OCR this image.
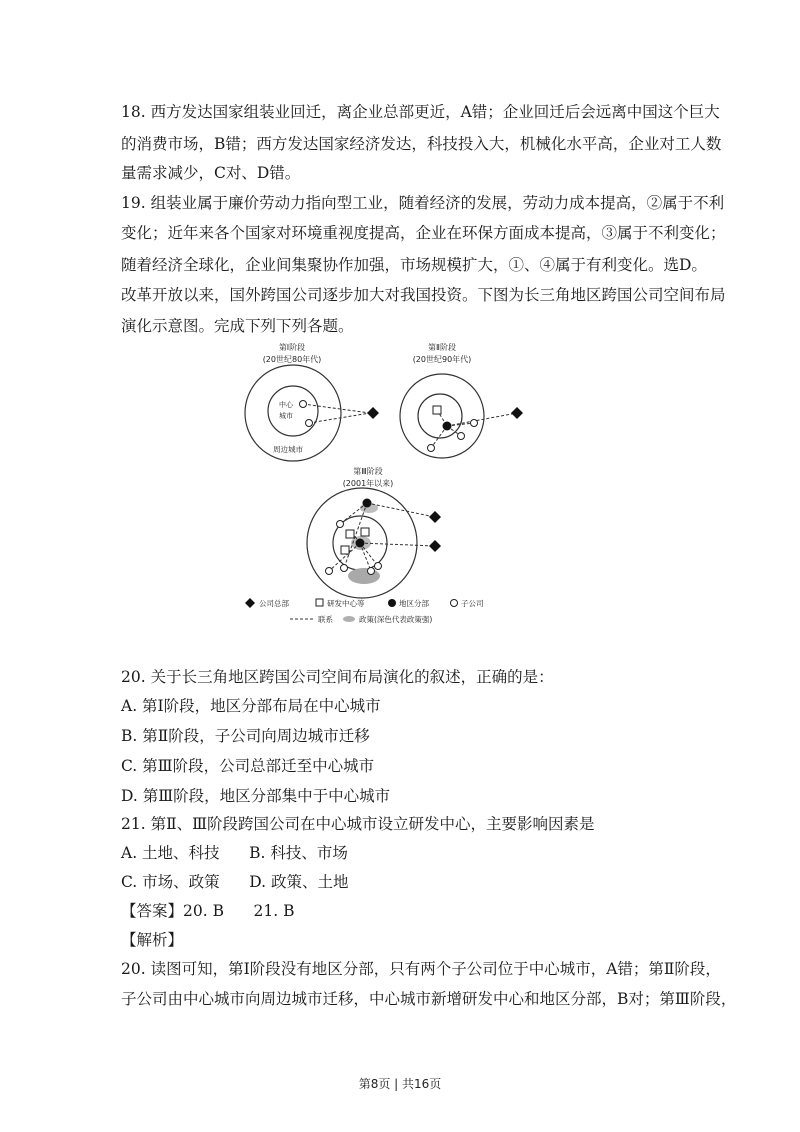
18. 西方发达国家组装业回迁，离企业总部更近，A错；企业回迁后会远离中国这个巨大
的消费市场，B错；西方发达国家经济发达，科技投入大，机械化水平高，企业对工人数
量需求减少，C对、D错。
19. 组装业属于廉价劳动力指向型工业，随着经济的发展，劳动力成本提高，②属于不利
变化；近年来各个国家对环境重视度提高，企业在环保方面成本提高，③属于不利变化；
随着经济全球化，企业间集聚协作加强，市场规模扩大，①、④属于有利变化。选D。
改革开放以来，国外跨国公司逐步加大对我国投资。下图为长三角地区跨国公司空间布局
演化示意图。完成下列下列各题。
第Ⅰ阶段
(20世纪80年代)
中心
城市
周边城市
第Ⅱ阶段
(20世纪90年代)
第Ⅲ阶段
(2001年以来)
公司总部	研发中心等	地区分部	子公司
联系	政策(深色代表政策强)
20. 关于长三角地区跨国公司空间布局演化的叙述，正确的是：
A. 第Ⅰ阶段，地区分部布局在中心城市
B. 第Ⅱ阶段，子公司向周边城市迁移
C. 第Ⅲ阶段，公司总部迁至中心城市
D. 第Ⅲ阶段，地区分部集中于中心城市
21. 第Ⅱ、Ⅲ阶段跨国公司在中心城市设立研发中心，主要影响因素是
A. 土地、科技      B. 科技、市场
C. 市场、政策      D. 政策、土地
【答案】20. B      21. B
【解析】
20. 读图可知，第Ⅰ阶段没有地区分部，只有两个子公司位于中心城市，A错；第Ⅱ阶段，
子公司由中心城市向周边城市迁移，中心城市新增研发中心和地区分部，B对；第Ⅲ阶段，
第8页 | 共16页
